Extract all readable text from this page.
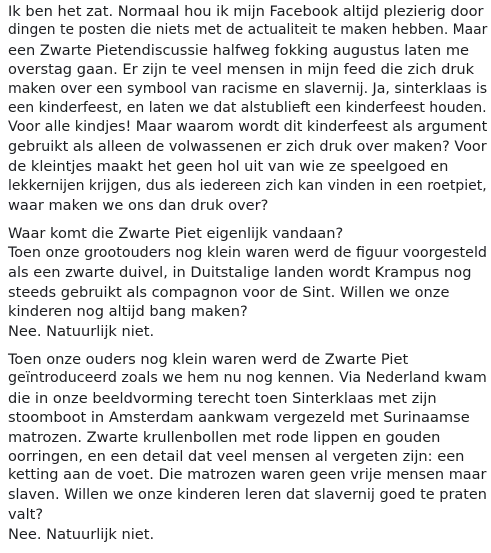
Ik ben het zat. Normaal hou ik mijn Facebook altijd plezierig door
dingen te posten die niets met de actualiteit te maken hebben. Maar
een Zwarte Pietendiscussie halfweg fokking augustus laten me
overstag gaan. Er zijn te veel mensen in mijn feed die zich druk
maken over een symbool van racisme en slavernij. Ja, sinterklaas is
een kinderfeest, en laten we dat alstublieft een kinderfeest houden.
Voor alle kindjes! Maar waarom wordt dit kinderfeest als argument
gebruikt als alleen de volwassenen er zich druk over maken? Voor
de kleintjes maakt het geen hol uit van wie ze speelgoed en
lekkernijen krijgen, dus als iedereen zich kan vinden in een roetpiet,
waar maken we ons dan druk over?

Waar komt die Zwarte Piet eigenlijk vandaan?
Toen onze grootouders nog klein waren werd de figuur voorgesteld
als een zwarte duivel, in Duitstalige landen wordt Krampus nog
steeds gebruikt als compagnon voor de Sint. Willen we onze
kinderen nog altijd bang maken?
Nee. Natuurlijk niet.

Toen onze ouders nog klein waren werd de Zwarte Piet
geïntroduceerd zoals we hem nu nog kennen. Via Nederland kwam
die in onze beeldvorming terecht toen Sinterklaas met zijn
stoomboot in Amsterdam aankwam vergezeld met Surinaamse
matrozen. Zwarte krullenbollen met rode lippen en gouden
oorringen, en een detail dat veel mensen al vergeten zijn: een
ketting aan de voet. Die matrozen waren geen vrije mensen maar
slaven. Willen we onze kinderen leren dat slavernij goed te praten
valt?
Nee. Natuurlijk niet.
